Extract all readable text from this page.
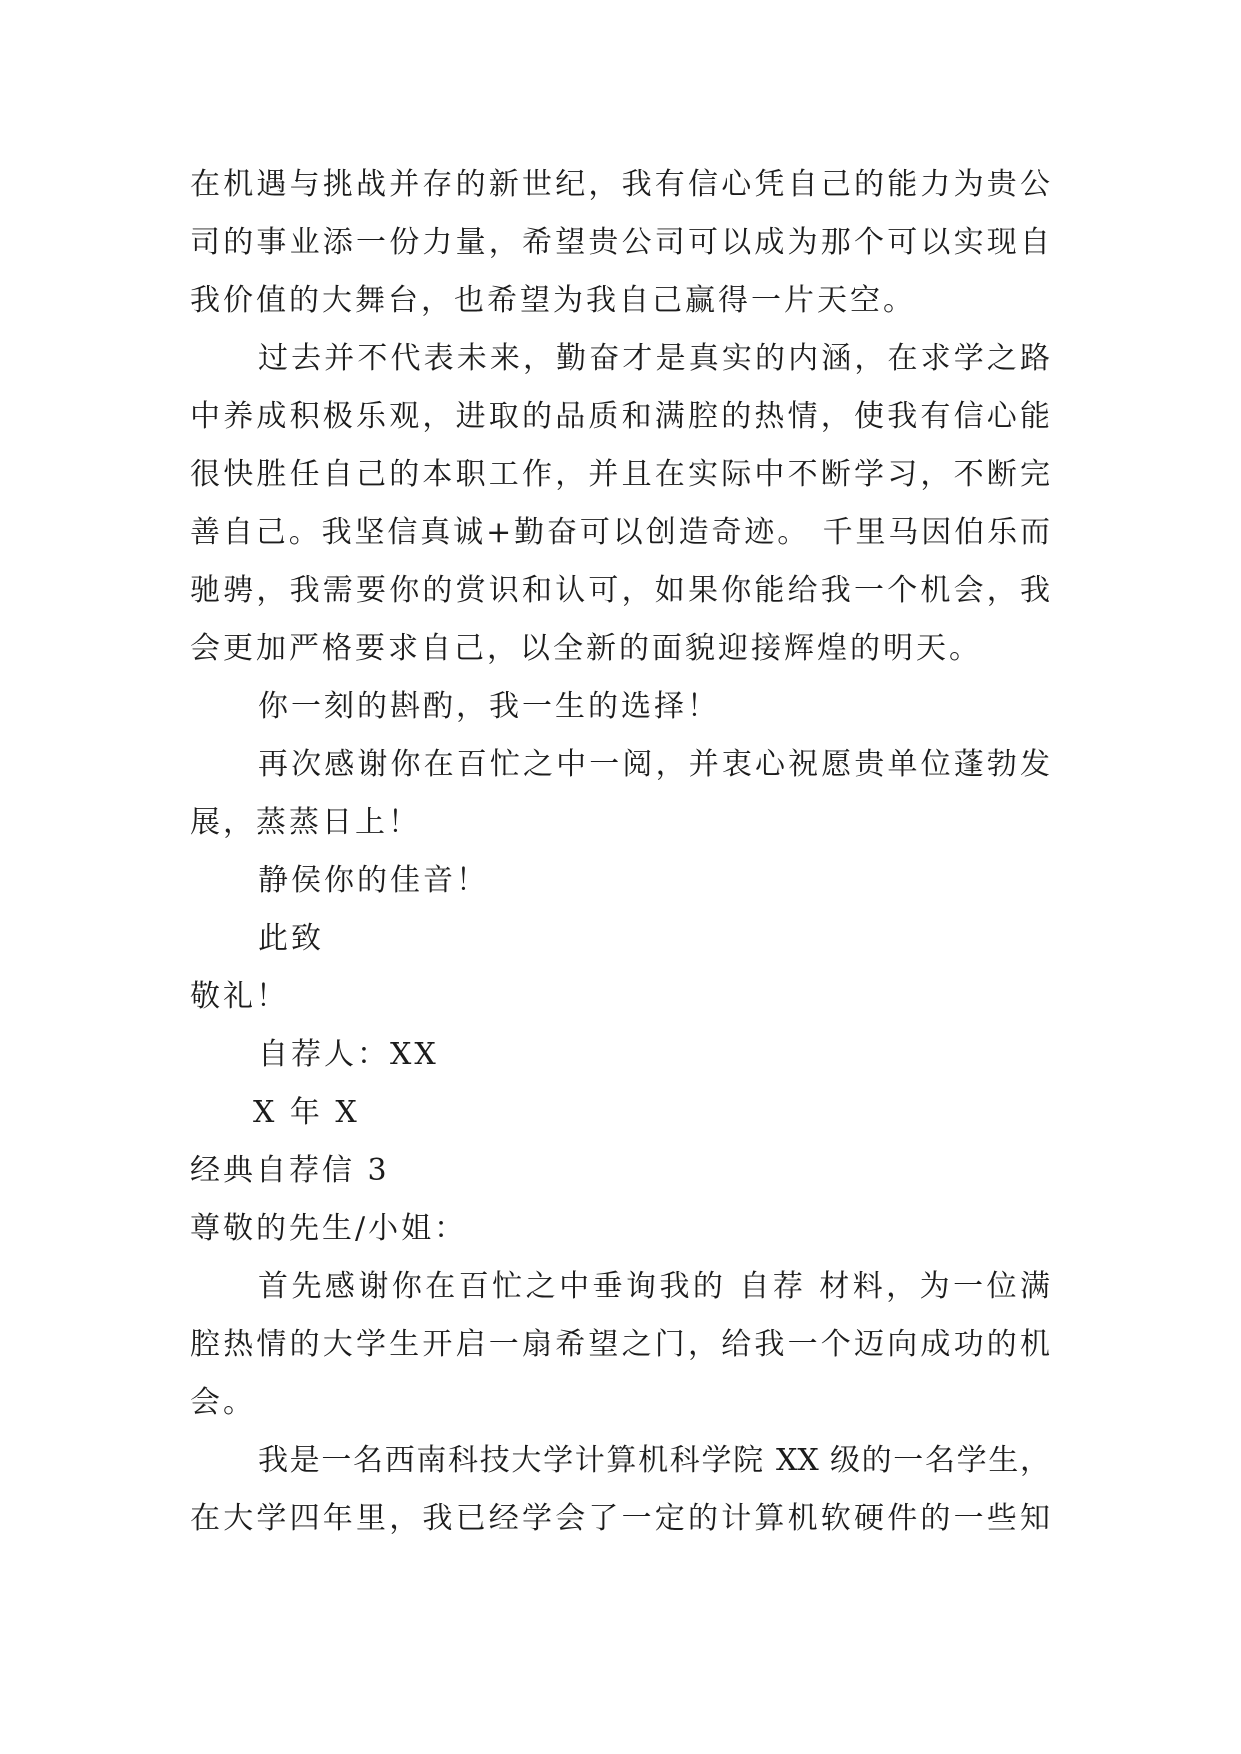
在机遇与挑战并存的新世纪，我有信心凭自己的能力为贵公
司的事业添一份力量，希望贵公司可以成为那个可以实现自
我价值的大舞台，也希望为我自己赢得一片天空。
过去并不代表未来，勤奋才是真实的内涵，在求学之路
中养成积极乐观，进取的品质和满腔的热情，使我有信心能
很快胜任自己的本职工作，并且在实际中不断学习，不断完
善自己。我坚信真诚+勤奋可以创造奇迹。 千里马因伯乐而
驰骋，我需要你的赏识和认可，如果你能给我一个机会，我
会更加严格要求自己，以全新的面貌迎接辉煌的明天。
你一刻的斟酌，我一生的选择！
再次感谢你在百忙之中一阅，并衷心祝愿贵单位蓬勃发
展，蒸蒸日上！
静侯你的佳音！
此致
敬礼！
自荐人：XX
X 年 X
经典自荐信 3
尊敬的先生/小姐：
首先感谢你在百忙之中垂询我的 自荐 材料，为一位满
腔热情的大学生开启一扇希望之门，给我一个迈向成功的机
会。
我是一名西南科技大学计算机科学院 XX 级的一名学生，
在大学四年里，我已经学会了一定的计算机软硬件的一些知
